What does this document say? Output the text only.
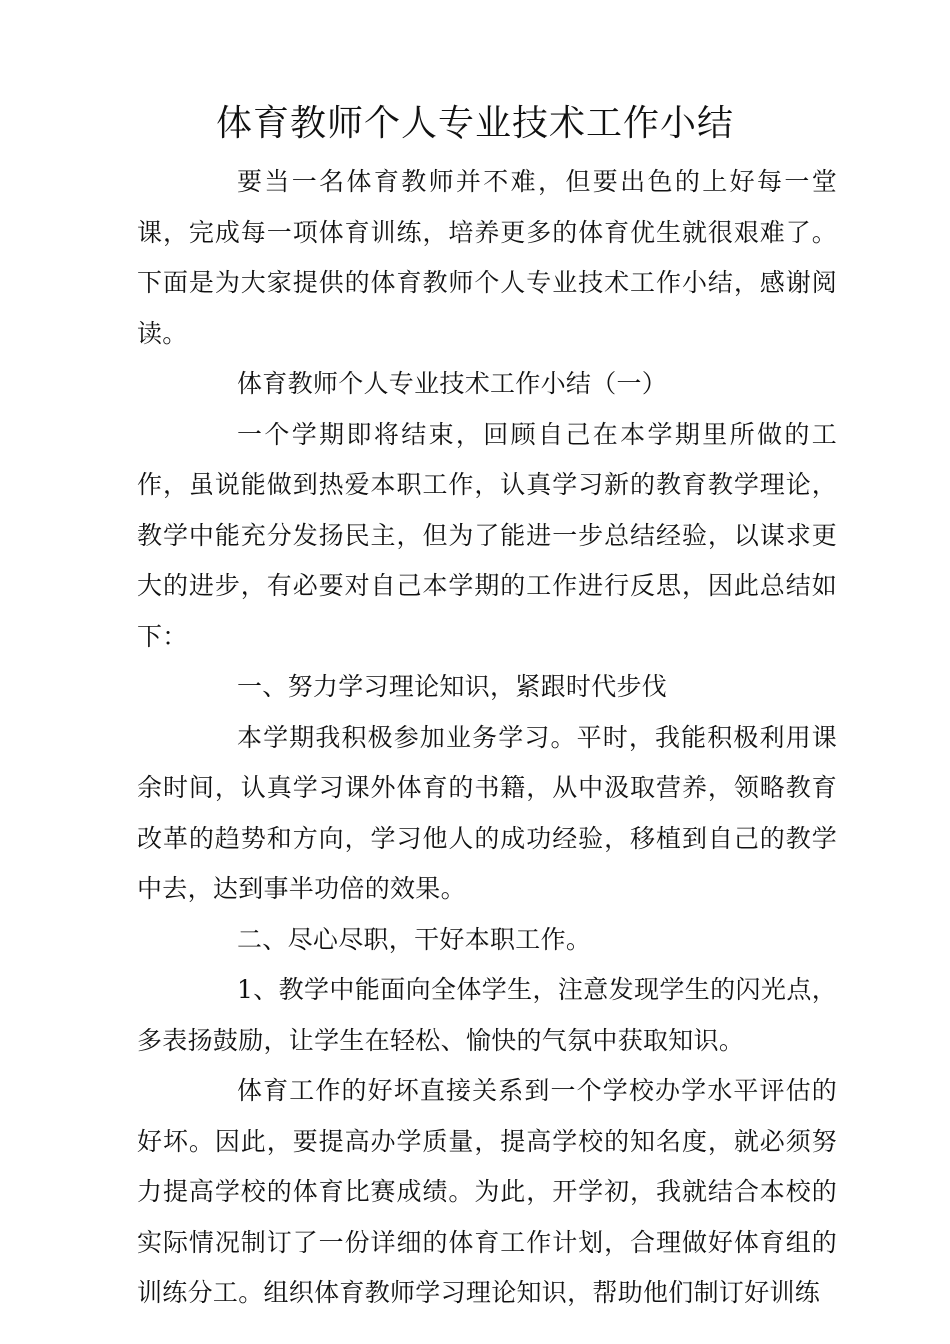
体育教师个人专业技术工作小结

要当一名体育教师并不难，但要出色的上好每一堂课，完成每一项体育训练，培养更多的体育优生就很艰难了。下面是为大家提供的体育教师个人专业技术工作小结，感谢阅读。

体育教师个人专业技术工作小结（一）

一个学期即将结束，回顾自己在本学期里所做的工作，虽说能做到热爱本职工作，认真学习新的教育教学理论，教学中能充分发扬民主，但为了能进一步总结经验，以谋求更大的进步，有必要对自己本学期的工作进行反思，因此总结如下：

一、努力学习理论知识，紧跟时代步伐

本学期我积极参加业务学习。平时，我能积极利用课余时间，认真学习课外体育的书籍，从中汲取营养，领略教育改革的趋势和方向，学习他人的成功经验，移植到自己的教学中去，达到事半功倍的效果。

二、尽心尽职，干好本职工作。

1、教学中能面向全体学生，注意发现学生的闪光点，多表扬鼓励，让学生在轻松、愉快的气氛中获取知识。

体育工作的好坏直接关系到一个学校办学水平评估的好坏。因此，要提高办学质量，提高学校的知名度，就必须努力提高学校的体育比赛成绩。为此，开学初，我就结合本校的实际情况制订了一份详细的体育工作计划，合理做好体育组的训练分工。组织体育教师学习理论知识，帮助他们制订好训练
